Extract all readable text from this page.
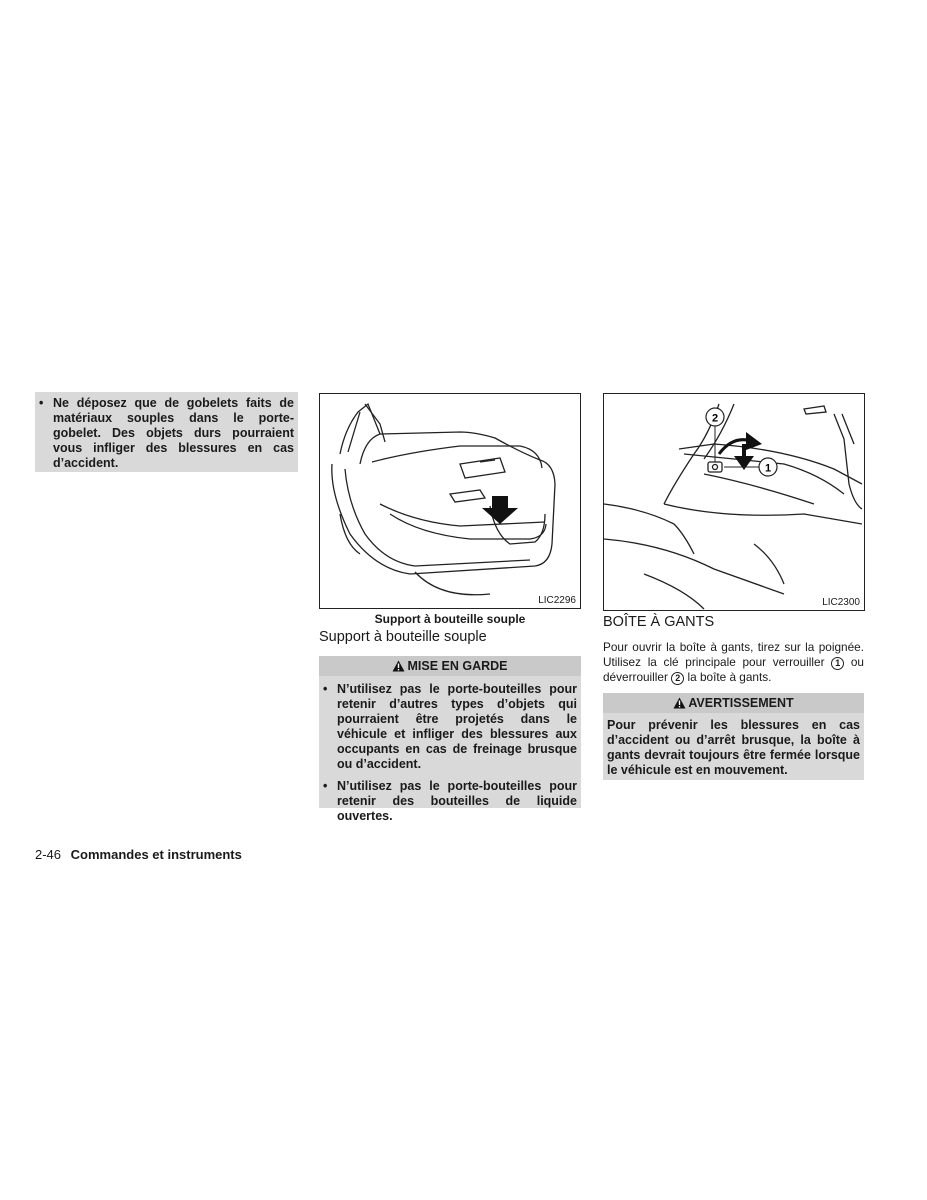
• Ne déposez que de gobelets faits de matériaux souples dans le porte-gobelet. Des objets durs pourraient vous infliger des blessures en cas d’accident.
LIC2296
Support à bouteille souple
Support à bouteille souple
MISE EN GARDE
• N’utilisez pas le porte-bouteilles pour retenir d’autres types d’objets qui pourraient être projetés dans le véhicule et infliger des blessures aux occupants en cas de freinage brusque ou d’accident.
• N’utilisez pas le porte-bouteilles pour retenir des bouteilles de liquide ouvertes.
2
1
LIC2300
BOÎTE À GANTS
Pour ouvrir la boîte à gants, tirez sur la poignée. Utilisez la clé principale pour verrouiller 1 ou déverrouiller 2 la boîte à gants.
AVERTISSEMENT
Pour prévenir les blessures en cas d’accident ou d’arrêt brusque, la boîte à gants devrait toujours être fermée lorsque le véhicule est en mouvement.
2-46 Commandes et instruments
